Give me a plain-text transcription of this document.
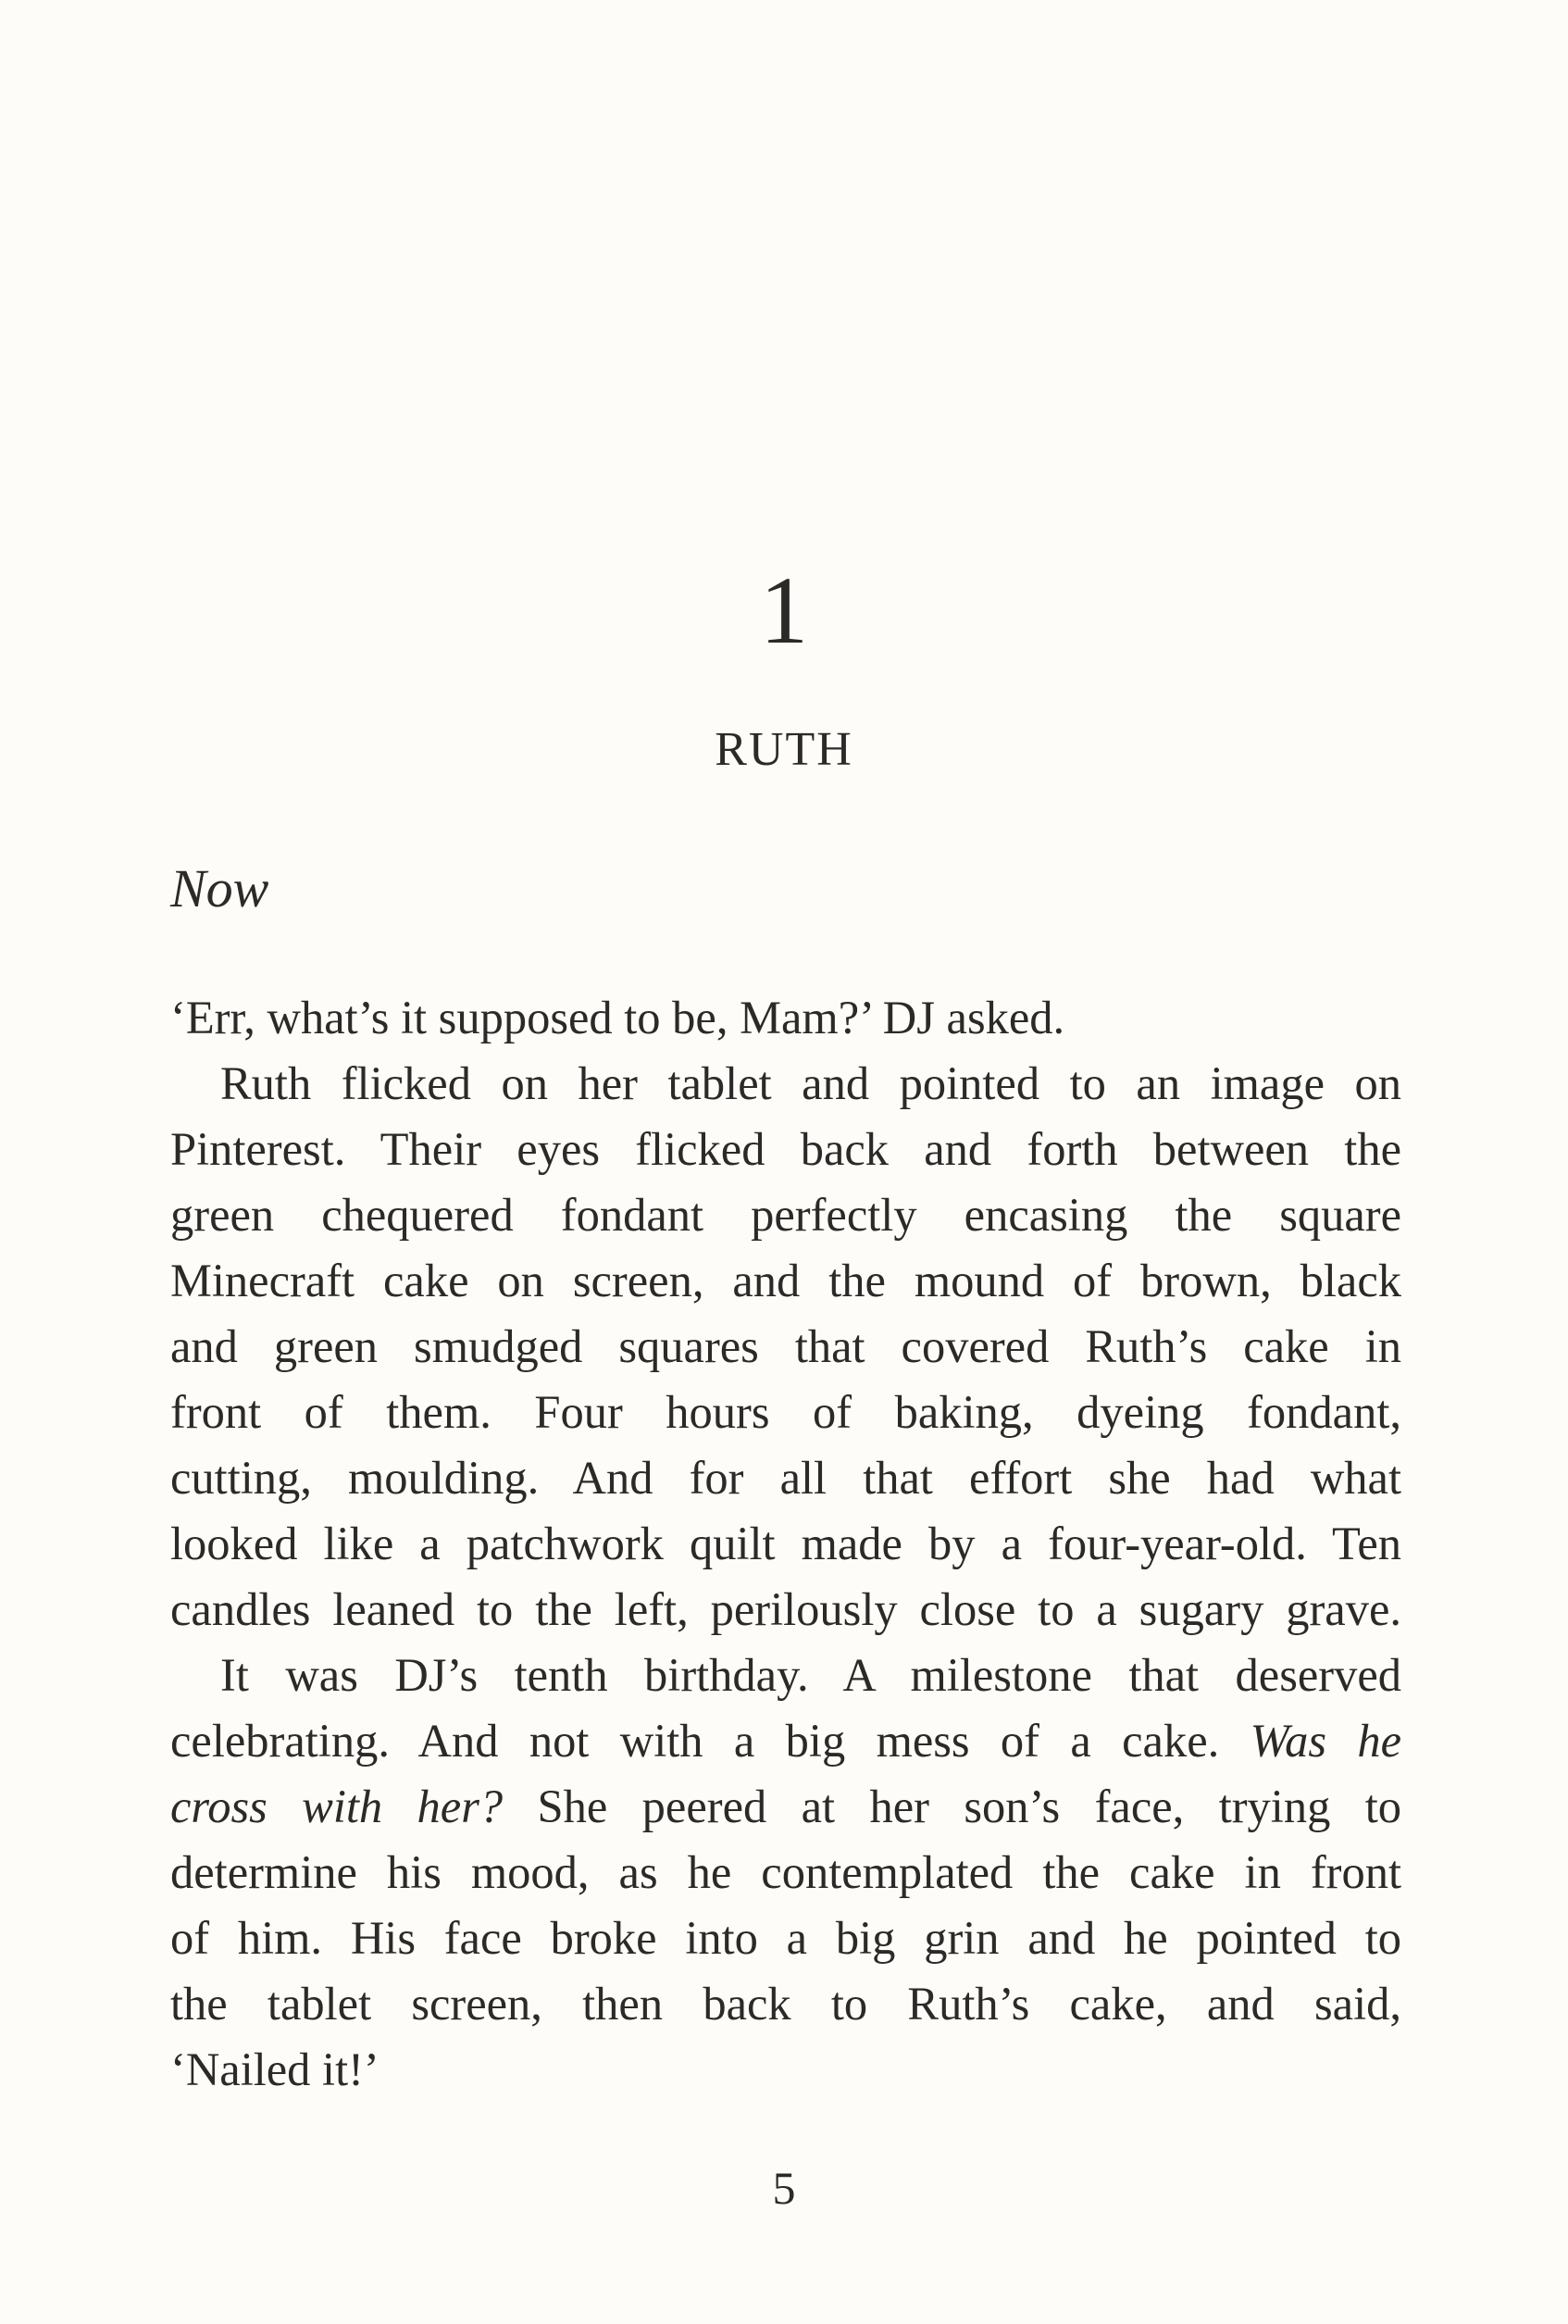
1
RUTH
Now
‘Err, what’s it supposed to be, Mam?’ DJ asked.
Ruth flicked on her tablet and pointed to an image on
Pinterest. Their eyes flicked back and forth between the
green chequered fondant perfectly encasing the square
Minecraft cake on screen, and the mound of brown, black
and green smudged squares that covered Ruth’s cake in
front of them. Four hours of baking, dyeing fondant,
cutting, moulding. And for all that effort she had what
looked like a patchwork quilt made by a four-year-old. Ten
candles leaned to the left, perilously close to a sugary grave.
It was DJ’s tenth birthday. A milestone that deserved
celebrating. And not with a big mess of a cake. Was he
cross with her? She peered at her son’s face, trying to
determine his mood, as he contemplated the cake in front
of him. His face broke into a big grin and he pointed to
the tablet screen, then back to Ruth’s cake, and said,
‘Nailed it!’
5
